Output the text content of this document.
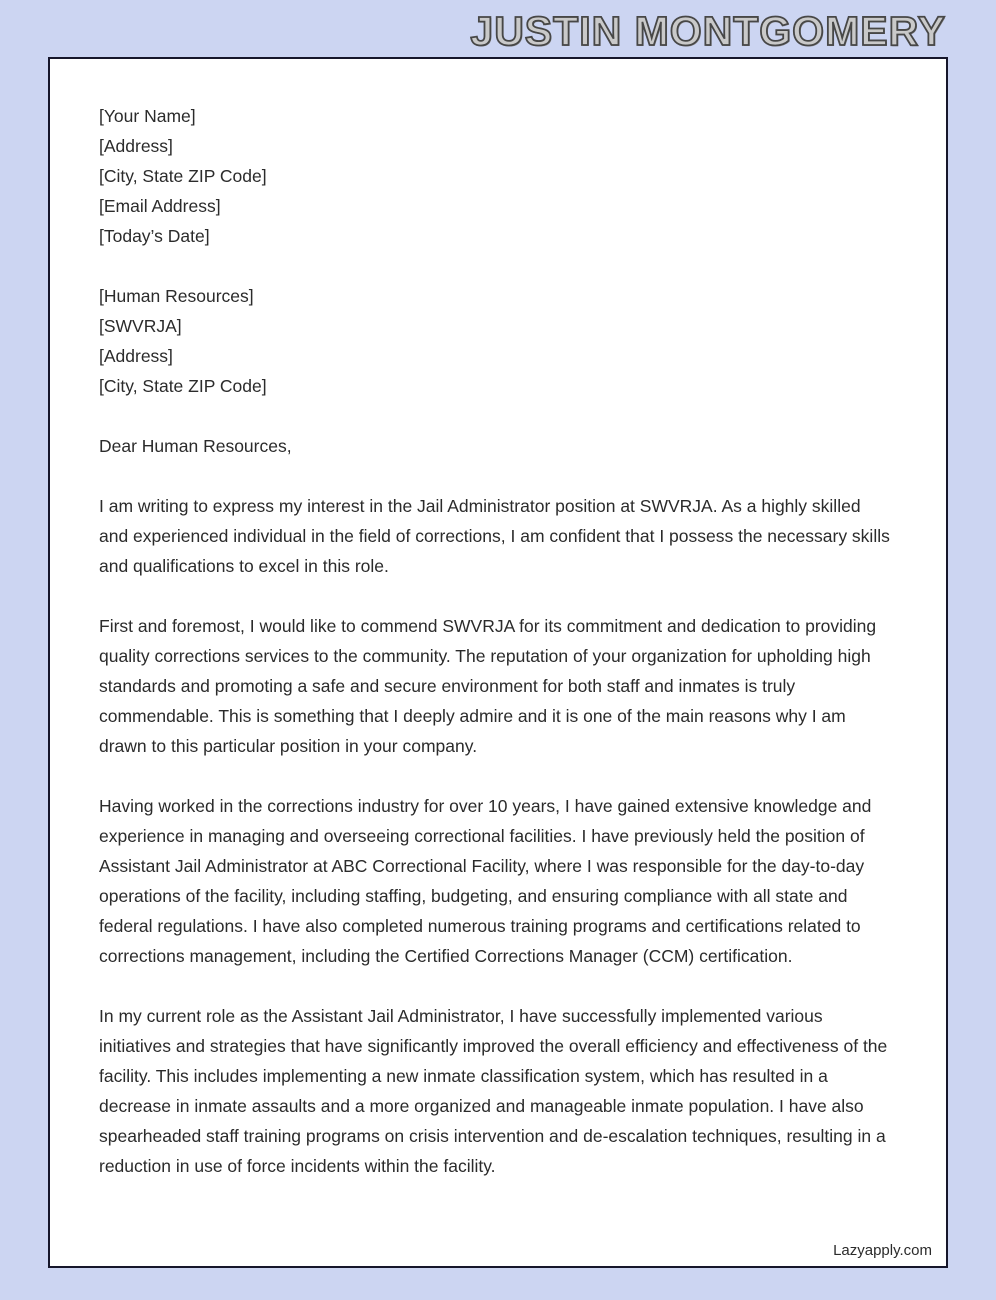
JUSTIN MONTGOMERY
[Your Name]
[Address]
[City, State ZIP Code]
[Email Address]
[Today’s Date]
[Human Resources]
[SWVRJA]
[Address]
[City, State ZIP Code]
Dear Human Resources,

I am writing to express my interest in the Jail Administrator position at SWVRJA. As a highly skilled and experienced individual in the field of corrections, I am confident that I possess the necessary skills and qualifications to excel in this role.

First and foremost, I would like to commend SWVRJA for its commitment and dedication to providing quality corrections services to the community. The reputation of your organization for upholding high standards and promoting a safe and secure environment for both staff and inmates is truly commendable. This is something that I deeply admire and it is one of the main reasons why I am drawn to this particular position in your company.

Having worked in the corrections industry for over 10 years, I have gained extensive knowledge and experience in managing and overseeing correctional facilities. I have previously held the position of Assistant Jail Administrator at ABC Correctional Facility, where I was responsible for the day-to-day operations of the facility, including staffing, budgeting, and ensuring compliance with all state and federal regulations. I have also completed numerous training programs and certifications related to corrections management, including the Certified Corrections Manager (CCM) certification.

In my current role as the Assistant Jail Administrator, I have successfully implemented various initiatives and strategies that have significantly improved the overall efficiency and effectiveness of the facility. This includes implementing a new inmate classification system, which has resulted in a decrease in inmate assaults and a more organized and manageable inmate population. I have also spearheaded staff training programs on crisis intervention and de-escalation techniques, resulting in a reduction in use of force incidents within the facility.

Lazyapply.com
